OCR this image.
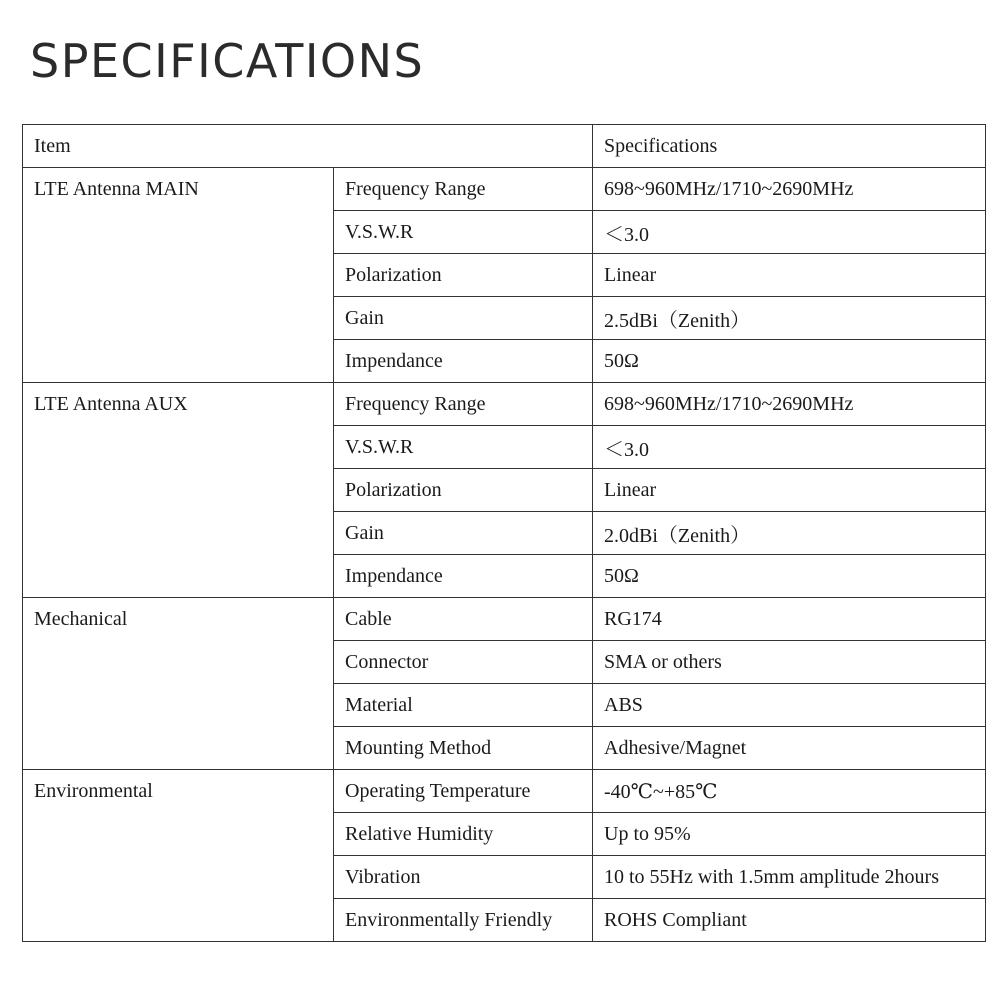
SPECIFICATIONS
Item		Specifications
LTE Antenna MAIN	Frequency Range	698~960MHz/1710~2690MHz
	V.S.W.R	＜3.0
	Polarization	Linear
	Gain	2.5dBi（Zenith）
	Impendance	50Ω
LTE Antenna AUX	Frequency Range	698~960MHz/1710~2690MHz
	V.S.W.R	＜3.0
	Polarization	Linear
	Gain	2.0dBi（Zenith）
	Impendance	50Ω
Mechanical	Cable	RG174
	Connector	SMA or others
	Material	ABS
	Mounting Method	Adhesive/Magnet
Environmental	Operating Temperature	-40℃~+85℃
	Relative Humidity	Up to 95%
	Vibration	10 to 55Hz with 1.5mm amplitude 2hours
	Environmentally Friendly	ROHS Compliant
